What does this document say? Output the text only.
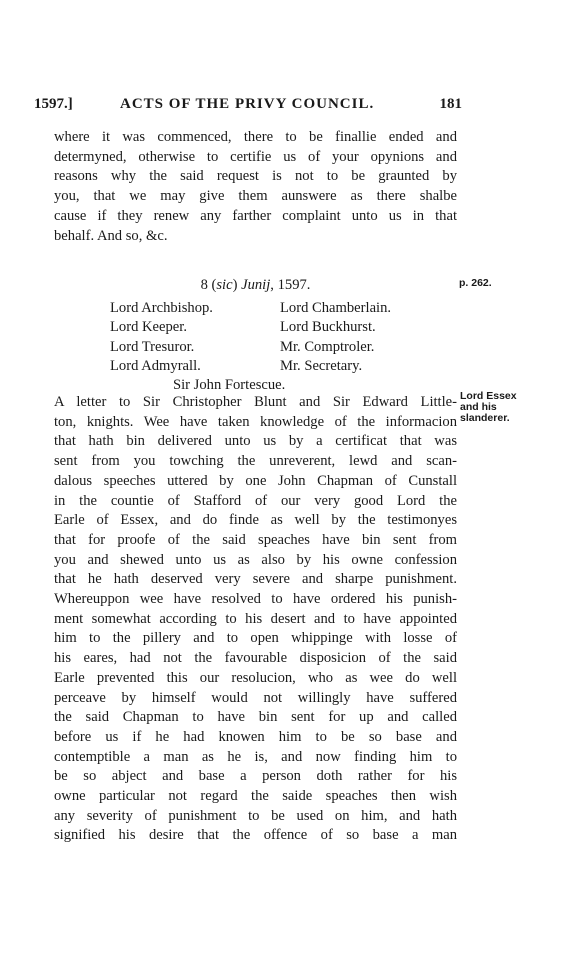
1597.]	ACTS OF THE PRIVY COUNCIL.	181
where it was commenced, there to be finallie ended and
determyned, otherwise to certifie us of your opynions and
reasons why the said request is not to be graunted by
you, that we may give them aunswere as there shalbe
cause if they renew any farther complaint unto us in that
behalf. And so, &c.
8 (sic) Junij, 1597.	p. 262.
Lord Archbishop.	Lord Chamberlain.
Lord Keeper.	Lord Buckhurst.
Lord Tresuror.	Mr. Comptroler.
Lord Admyrall.	Mr. Secretary.
Sir John Fortescue.
Lord Essex
and his
slanderer.
A letter to Sir Christopher Blunt and Sir Edward Little-
ton, knights. Wee have taken knowledge of the informacion
that hath bin delivered unto us by a certificat that was
sent from you towching the unreverent, lewd and scan-
dalous speeches uttered by one John Chapman of Cunstall
in the countie of Stafford of our very good Lord the
Earle of Essex, and do finde as well by the testimonyes
that for proofe of the said speaches have bin sent from
you and shewed unto us as also by his owne confession
that he hath deserved very severe and sharpe punishment.
Whereuppon wee have resolved to have ordered his punish-
ment somewhat according to his desert and to have appointed
him to the pillery and to open whippinge with losse of
his eares, had not the favourable disposicion of the said
Earle prevented this our resolucion, who as wee do well
perceave by himself would not willingly have suffered
the said Chapman to have bin sent for up and called
before us if he had knowen him to be so base and
contemptible a man as he is, and now finding him to
be so abject and base a person doth rather for his
owne particular not regard the saide speaches then wish
any severity of punishment to be used on him, and hath
signified his desire that the offence of so base a man
